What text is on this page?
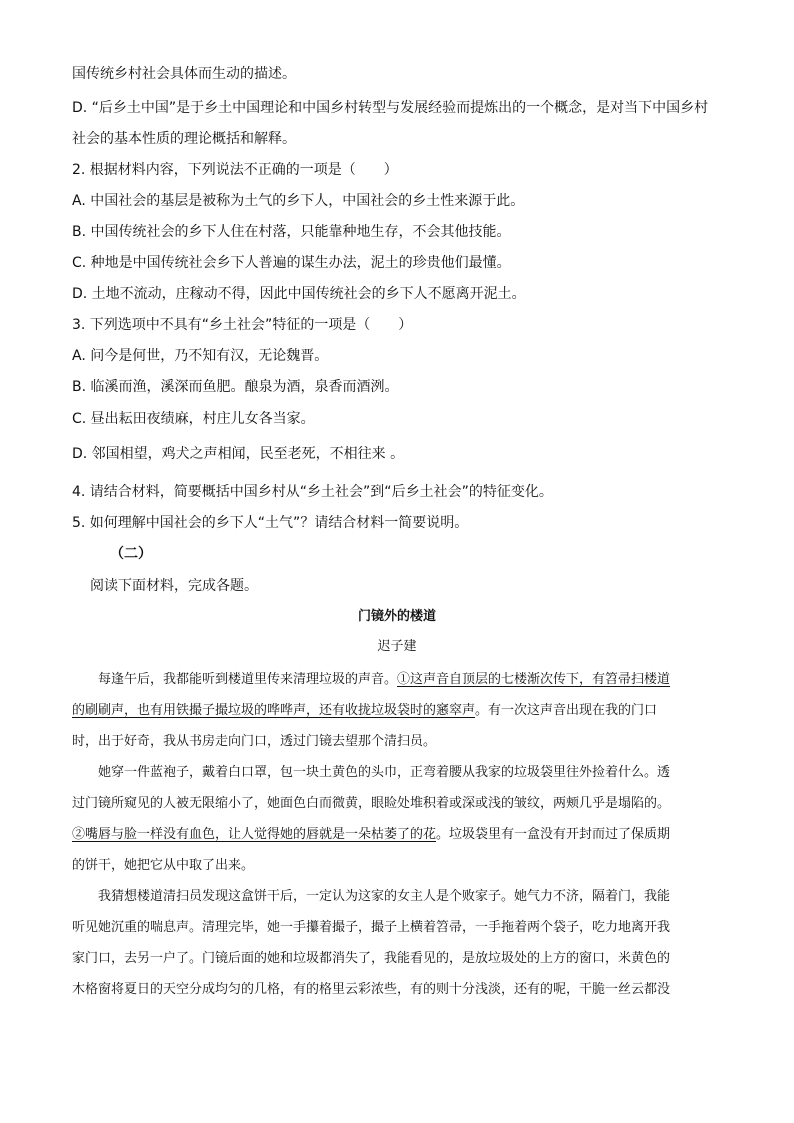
国传统乡村社会具体而生动的描述。
D. “后乡土中国”是于乡土中国理论和中国乡村转型与发展经验而提炼出的一个概念，是对当下中国乡村
社会的基本性质的理论概括和解释。
2. 根据材料内容，下列说法不正确的一项是（　　）
A. 中国社会的基层是被称为土气的乡下人，中国社会的乡土性来源于此。
B. 中国传统社会的乡下人住在村落，只能靠种地生存，不会其他技能。
C. 种地是中国传统社会乡下人普遍的谋生办法，泥土的珍贵他们最懂。
D. 土地不流动，庄稼动不得，因此中国传统社会的乡下人不愿离开泥土。
3. 下列选项中不具有“乡土社会”特征的一项是（　　）
A. 问今是何世，乃不知有汉，无论魏晋。
B. 临溪而渔，溪深而鱼肥。酿泉为酒，泉香而酒洌。
C. 昼出耘田夜绩麻，村庄儿女各当家。
D. 邻国相望，鸡犬之声相闻，民至老死，不相往来 。
4. 请结合材料，简要概括中国乡村从“乡土社会”到“后乡土社会”的特征变化。
5. 如何理解中国社会的乡下人“土气”？请结合材料一简要说明。
（二）
阅读下面材料，完成各题。
门镜外的楼道
迟子建
每逢午后，我都能听到楼道里传来清理垃圾的声音。①这声音自顶层的七楼渐次传下，有笤帚扫楼道
的刷刷声，也有用铁撮子撮垃圾的哗哗声，还有收拢垃圾袋时的窸窣声。有一次这声音出现在我的门口
时，出于好奇，我从书房走向门口，透过门镜去望那个清扫员。
她穿一件蓝袍子，戴着白口罩，包一块土黄色的头巾，正弯着腰从我家的垃圾袋里往外捡着什么。透
过门镜所窥见的人被无限缩小了，她面色白而微黄，眼睑处堆积着或深或浅的皱纹，两颊几乎是塌陷的。
②嘴唇与脸一样没有血色，让人觉得她的唇就是一朵枯萎了的花。垃圾袋里有一盒没有开封而过了保质期
的饼干，她把它从中取了出来。
我猜想楼道清扫员发现这盒饼干后，一定认为这家的女主人是个败家子。她气力不济，隔着门，我能
听见她沉重的喘息声。清理完毕，她一手攥着撮子，撮子上横着笤帚，一手拖着两个袋子，吃力地离开我
家门口，去另一户了。门镜后面的她和垃圾都消失了，我能看见的，是放垃圾处的上方的窗口，米黄色的
木格窗将夏日的天空分成均匀的几格，有的格里云彩浓些，有的则十分浅淡，还有的呢，干脆一丝云都没
